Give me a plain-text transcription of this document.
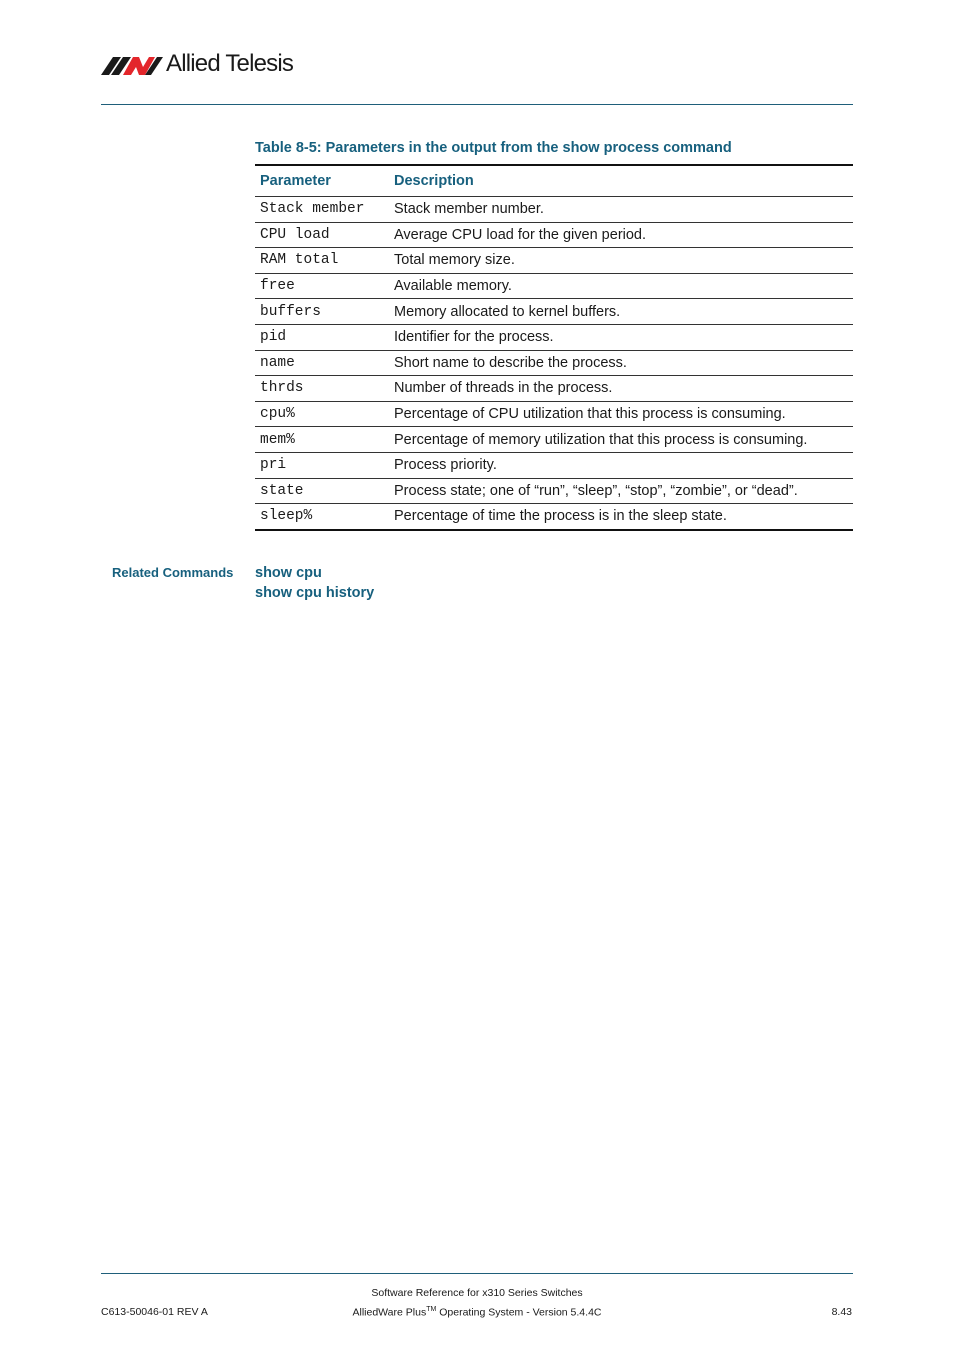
Allied Telesis
Table 8-5: Parameters in the output from the show process command
Parameter	Description
Stack member	Stack member number.
CPU load	Average CPU load for the given period.
RAM total	Total memory size.
free	Available memory.
buffers	Memory allocated to kernel buffers.
pid	Identifier for the process.
name	Short name to describe the process.
thrds	Number of threads in the process.
cpu%	Percentage of CPU utilization that this process is consuming.
mem%	Percentage of memory utilization that this process is consuming.
pri	Process priority.
state	Process state; one of “run”, “sleep”, “stop”, “zombie”, or “dead”.
sleep%	Percentage of time the process is in the sleep state.
Related Commands show cpu
show cpu history
Software Reference for x310 Series Switches
C613-50046-01 REV A	AlliedWare Plus™ Operating System - Version 5.4.4C	8.43
